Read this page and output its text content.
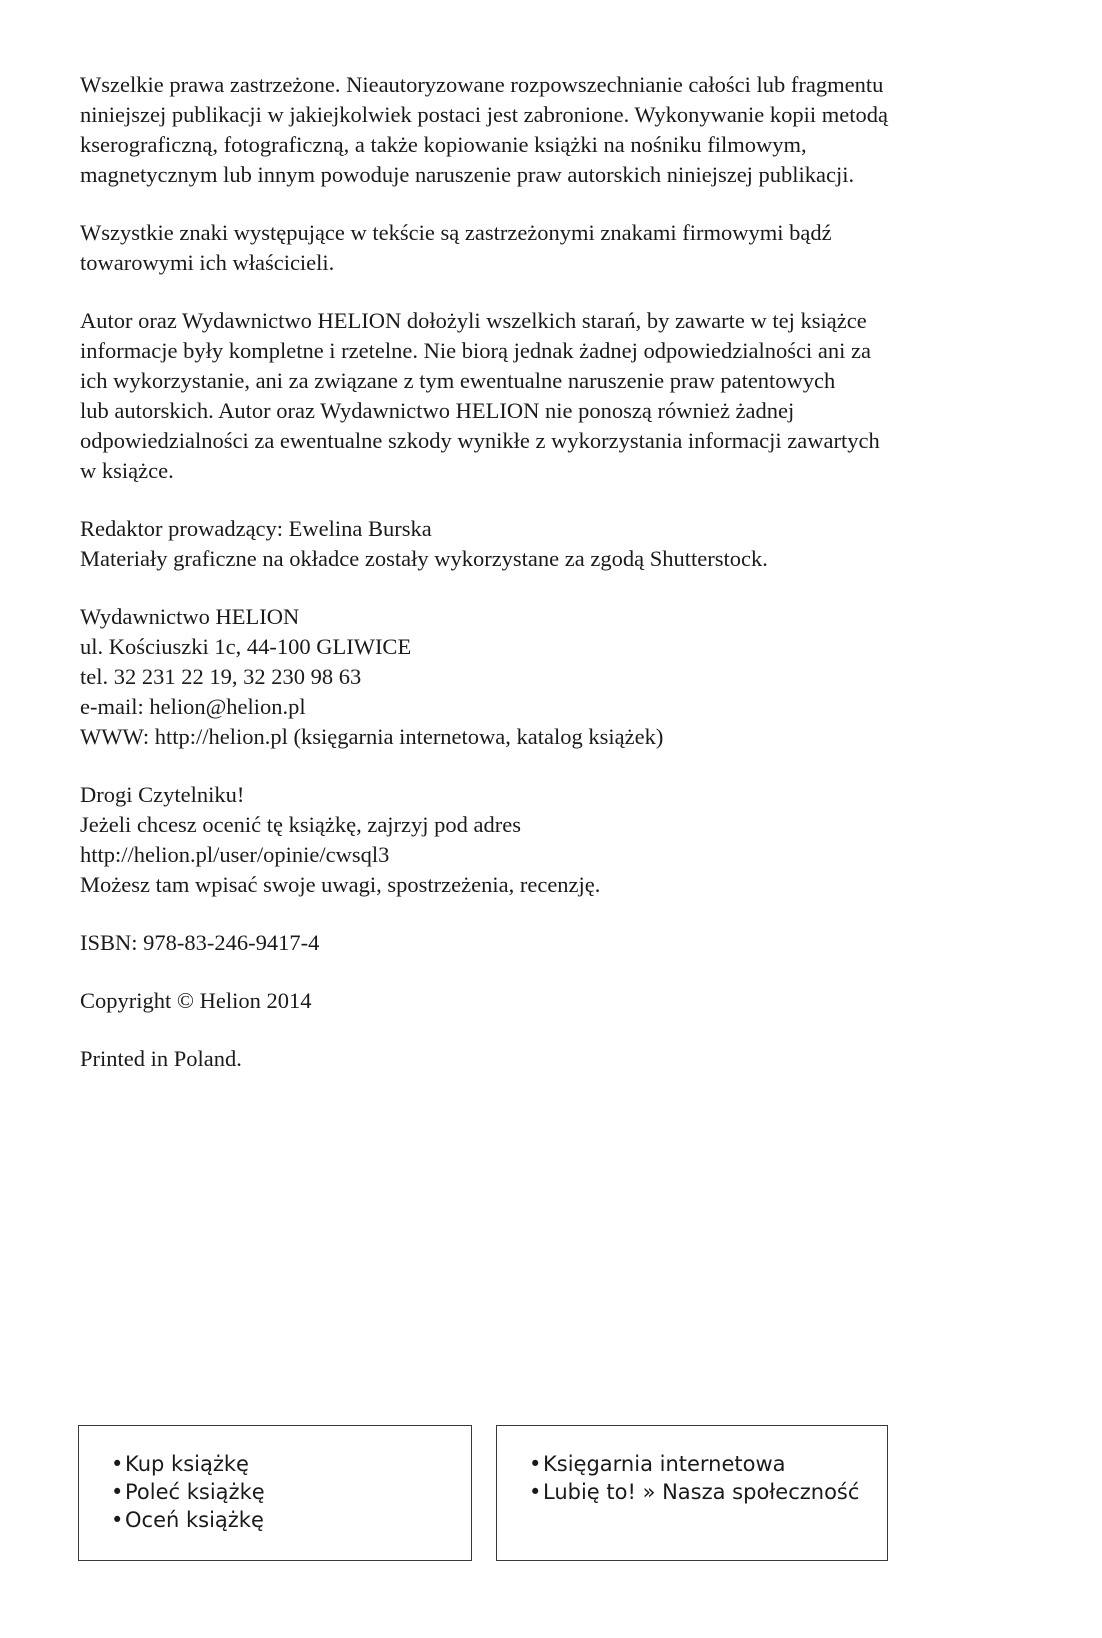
Wszelkie prawa zastrzeżone. Nieautoryzowane rozpowszechnianie całości lub fragmentu
niniejszej publikacji w jakiejkolwiek postaci jest zabronione. Wykonywanie kopii metodą
kserograficzną, fotograficzną, a także kopiowanie książki na nośniku filmowym,
magnetycznym lub innym powoduje naruszenie praw autorskich niniejszej publikacji.

Wszystkie znaki występujące w tekście są zastrzeżonymi znakami firmowymi bądź
towarowymi ich właścicieli.

Autor oraz Wydawnictwo HELION dołożyli wszelkich starań, by zawarte w tej książce
informacje były kompletne i rzetelne. Nie biorą jednak żadnej odpowiedzialności ani za
ich wykorzystanie, ani za związane z tym ewentualne naruszenie praw patentowych
lub autorskich. Autor oraz Wydawnictwo HELION nie ponoszą również żadnej
odpowiedzialności za ewentualne szkody wynikłe z wykorzystania informacji zawartych
w książce.

Redaktor prowadzący: Ewelina Burska
Materiały graficzne na okładce zostały wykorzystane za zgodą Shutterstock.

Wydawnictwo HELION
ul. Kościuszki 1c, 44-100 GLIWICE
tel. 32 231 22 19, 32 230 98 63
e-mail: helion@helion.pl
WWW: http://helion.pl (księgarnia internetowa, katalog książek)

Drogi Czytelniku!
Jeżeli chcesz ocenić tę książkę, zajrzyj pod adres
http://helion.pl/user/opinie/cwsql3
Możesz tam wpisać swoje uwagi, spostrzeżenia, recenzję.

ISBN: 978-83-246-9417-4

Copyright © Helion 2014

Printed in Poland.

•Kup książkę
•Poleć książkę
•Oceń książkę
•Księgarnia internetowa
•Lubię to! » Nasza społeczność
